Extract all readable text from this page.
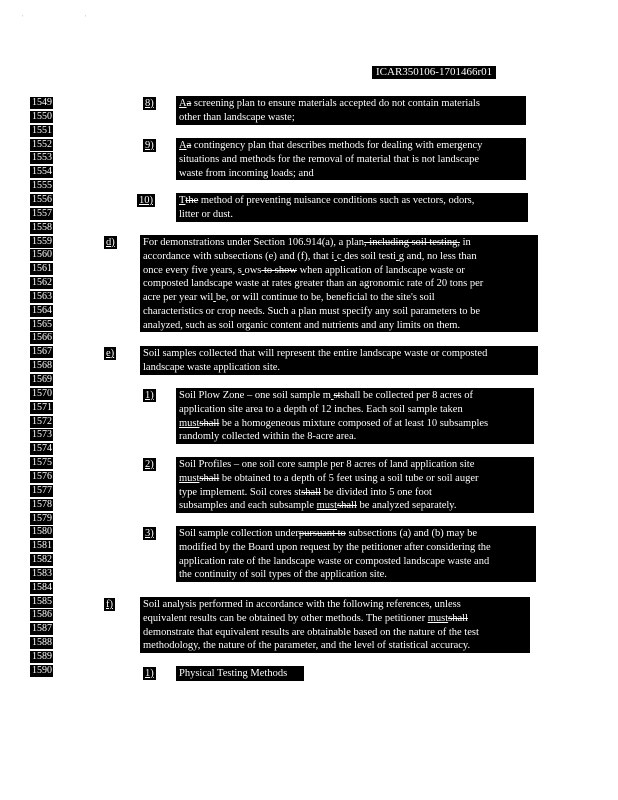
' '
ICAR350106-1701466r01
1549
1550
1551
1552
1553
1554
1555
1556
1557
1558
1559
1560
1561
1562
1563
1564
1565
1566
1567
1568
1569
1570
1571
1572
1573
1574
1575
1576
1577
1578
1579
1580
1581
1582
1583
1584
1585
1586
1587
1588
1589
1590
8) Aa screening plan to ensure materials accepted do not contain materials
other than landscape waste;
9) Aa contingency plan that describes methods for dealing with emergency
situations and methods for the removal of material that is not landscape
waste from incoming loads; and
10) Tthe method of preventing nuisance conditions such as vectors, odors,
litter or dust.
d)	For demonstrations under Section 106.914(a), a plan, including soil testing, in
accordance with subsections (e) and (f), that i c des soil testi g and, no less than
once every five years, s ows to show when application of landscape waste or
composted landscape waste at rates greater than an agronomic rate of 20 tons per
acre per year wil be, or will continue to be, beneficial to the site's soil
characteristics or crop needs. Such a plan must specify any soil parameters to be
analyzed, such as soil organic content and nutrients and any limits on them.
e)	Soil samples collected that will represent the entire landscape waste or composted
landscape waste application site.
1) Soil Plow Zone – one soil sample m stshall be collected per 8 acres of
application site area to a depth of 12 inches. Each soil sample taken
mustshall be a homogeneous mixture composed of at least 10 subsamples
randomly collected within the 8-acre area.
2) Soil Profiles – one soil core sample per 8 acres of land application site
mustshall be obtained to a depth of 5 feet using a soil tube or soil auger
type implement. Soil cores stshall be divided into 5 one foot
subsamples and each subsample mustshall be analyzed separately.
3) Soil sample collection underpursuant to subsections (a) and (b) may be
modified by the Board upon request by the petitioner after considering the
application rate of the landscape waste or composted landscape waste and
the continuity of soil types of the application site.
f)	Soil analysis performed in accordance with the following references, unless
equivalent results can be obtained by other methods. The petitioner mustshall
demonstrate that equivalent results are obtainable based on the nature of the test
methodology, the nature of the parameter, and the level of statistical accuracy.
1) Physical Testing Methods
